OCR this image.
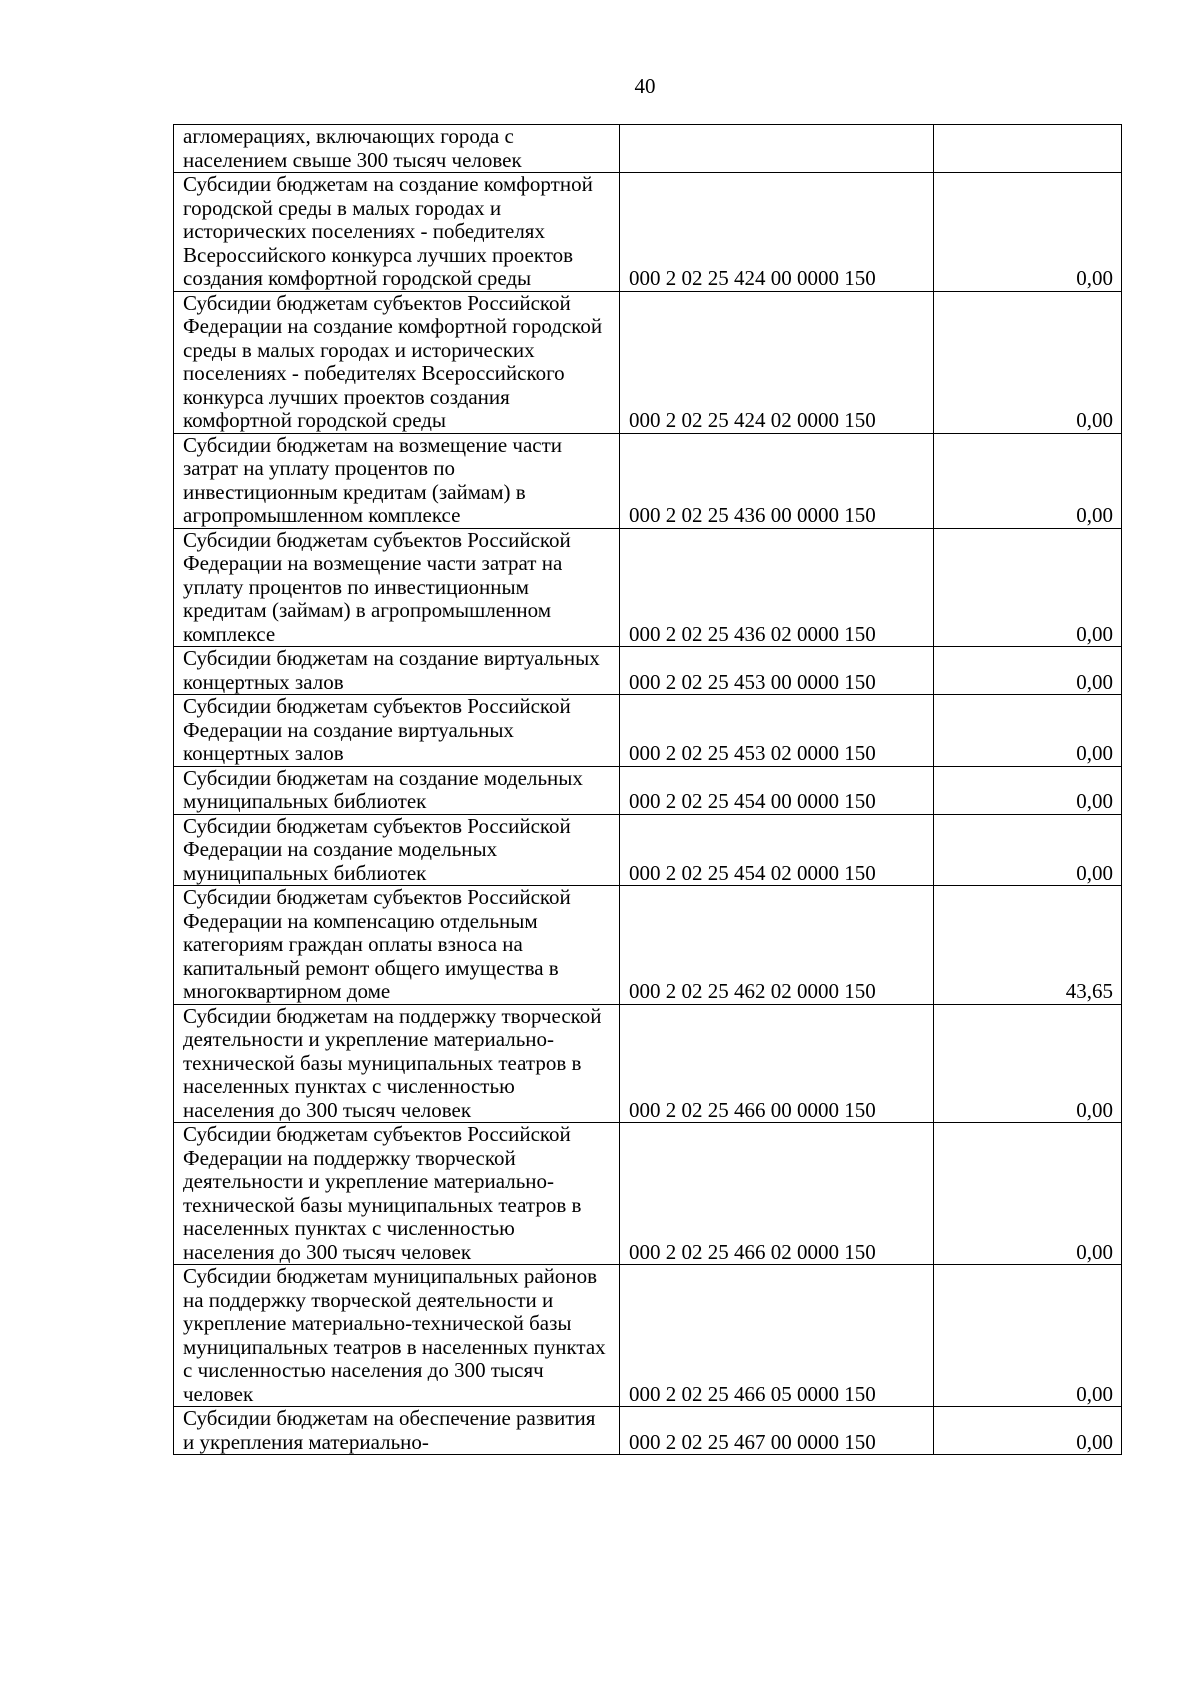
40
агломерациях, включающих города с населением свыше 300 тысяч человек		
Субсидии бюджетам на создание комфортной городской среды в малых городах и исторических поселениях - победителях Всероссийского конкурса лучших проектов создания комфортной городской среды	000 2 02 25 424 00 0000 150	0,00
Субсидии бюджетам субъектов Российской Федерации на создание комфортной городской среды в малых городах и исторических поселениях - победителях Всероссийского конкурса лучших проектов создания комфортной городской среды	000 2 02 25 424 02 0000 150	0,00
Субсидии бюджетам на возмещение части затрат на уплату процентов по инвестиционным кредитам (займам) в агропромышленном комплексе	000 2 02 25 436 00 0000 150	0,00
Субсидии бюджетам субъектов Российской Федерации на возмещение части затрат на уплату процентов по инвестиционным кредитам (займам) в агропромышленном комплексе	000 2 02 25 436 02 0000 150	0,00
Субсидии бюджетам на создание виртуальных концертных залов	000 2 02 25 453 00 0000 150	0,00
Субсидии бюджетам субъектов Российской Федерации на создание виртуальных концертных залов	000 2 02 25 453 02 0000 150	0,00
Субсидии бюджетам на создание модельных муниципальных библиотек	000 2 02 25 454 00 0000 150	0,00
Субсидии бюджетам субъектов Российской Федерации на создание модельных муниципальных библиотек	000 2 02 25 454 02 0000 150	0,00
Субсидии бюджетам субъектов Российской Федерации на компенсацию отдельным категориям граждан оплаты взноса на капитальный ремонт общего имущества в многоквартирном доме	000 2 02 25 462 02 0000 150	43,65
Субсидии бюджетам на поддержку творческой деятельности и укрепление материально-технической базы муниципальных театров в населенных пунктах с численностью населения до 300 тысяч человек	000 2 02 25 466 00 0000 150	0,00
Субсидии бюджетам субъектов Российской Федерации на поддержку творческой деятельности и укрепление материально-технической базы муниципальных театров в населенных пунктах с численностью населения до 300 тысяч человек	000 2 02 25 466 02 0000 150	0,00
Субсидии бюджетам муниципальных районов на поддержку творческой деятельности и укрепление материально-технической базы муниципальных театров в населенных пунктах с численностью населения до 300 тысяч человек	000 2 02 25 466 05 0000 150	0,00
Субсидии бюджетам на обеспечение развития и укрепления материально-	000 2 02 25 467 00 0000 150	0,00
